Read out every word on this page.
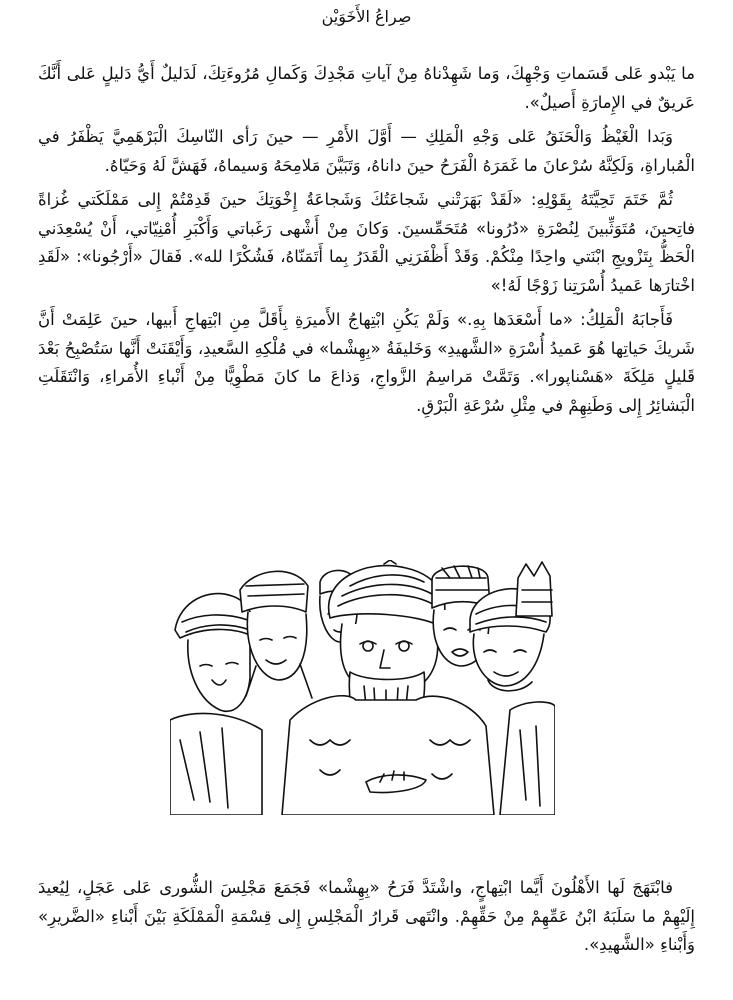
صِراعُ الأَخَوَيْن

ما يَبْدو عَلى قَسَماتِ وَجْهِكَ، وَما شَهِدْناهُ مِنْ آياتِ مَجْدِكَ وَكَمالِ مُرُوءَتِكَ، لَدَليلٌ أَيُّ دَليلٍ عَلى أَنَّكَ عَريقٌ في الإِمارَةِ أَصيلٌ».

وَبَدا الْغَيْظُ وَالْحَنَقُ عَلى وَجْهِ الْمَلِكِ — أَوَّلَ الأَمْرِ — حينَ رَأى النّاسِكَ الْبَرْهَمِيَّ يَظْفَرُ في الْمُباراةِ، وَلَكِنَّهُ سُرْعانَ ما غَمَرَهُ الْفَرَحُ حينَ داناهُ، وَتَبَيَّنَ مَلامِحَهُ وَسيماهُ، فَهَشَّ لَهُ وَحَيّاهُ.

ثُمَّ خَتَمَ تَحِيَّتَهُ بِقَوْلِهِ: «لَقَدْ بَهَرَتْني شَجاعَتُكَ وَشَجاعَةُ إِخْوَتِكَ حينَ قَدِمْتُمْ إِلى مَمْلَكَتي غُزاةً فاتِحينَ، مُتَوَثِّبينَ لِنُصْرَةِ «دُرُونا» مُتَحَمِّسينَ. وَكانَ مِنْ أَشْهى رَغَباتي وَأَكْبَرِ أُمْنِيّاتي، أَنْ يُسْعِدَني الْحَظُّ بِتَزْويجِ ابْنَتي واحِدًا مِنْكُمْ. وَقَدْ أَظْفَرَنِي الْقَدَرُ بِما أَتَمَنّاهُ، فَشُكْرًا لله». فَقالَ «أَرْجُونا»: «لَقَدِ اخْتارَها عَميدُ أُسْرَتِنا زَوْجًا لَهُ!»

فَأَجابَهُ الْمَلِكُ: «ما أَسْعَدَها بِهِ.» وَلَمْ يَكُنِ ابْتِهاجُ الأَميرَةِ بِأَقَلَّ مِنِ ابْتِهاجِ أَبيها، حينَ عَلِمَتْ أَنَّ شَريكَ حَياتِها هُوَ عَميدُ أُسْرَةِ «الشَّهيدِ» وَخَليفَةُ «بِهِشْما» في مُلْكِهِ السَّعيدِ، وَأَيْقَنَتْ أَنَّها سَتُصْبِحُ بَعْدَ قَليلٍ مَلِكَةَ «هَسْناپورا». وَتَمَّتْ مَراسِمُ الزَّواجِ، وَذاعَ ما كانَ مَطْوِيًّا مِنْ أَنْباءِ الأُمَراءِ، وَانْتَقَلَتِ الْبَشائِرُ إِلى وَطَنِهِمْ في مِثْلِ سُرْعَةِ الْبَرْقِ.

فابْتَهَجَ لَها الأَهْلُونَ أَيَّما ابْتِهاجٍ، واشْتَدَّ فَرَحُ «بِهِشْما» فَجَمَعَ مَجْلِسَ الشُّورى عَلى عَجَلٍ، لِيُعيدَ إِلَيْهِمْ ما سَلَبَهُ ابْنُ عَمِّهِمْ مِنْ حَقِّهِمْ. وانْتَهى قَرارُ الْمَجْلِسِ إِلى قِسْمَةِ الْمَمْلَكَةِ بَيْنَ أَبْناءِ «الضَّريرِ» وَأَبْناءِ «الشَّهيدِ».
